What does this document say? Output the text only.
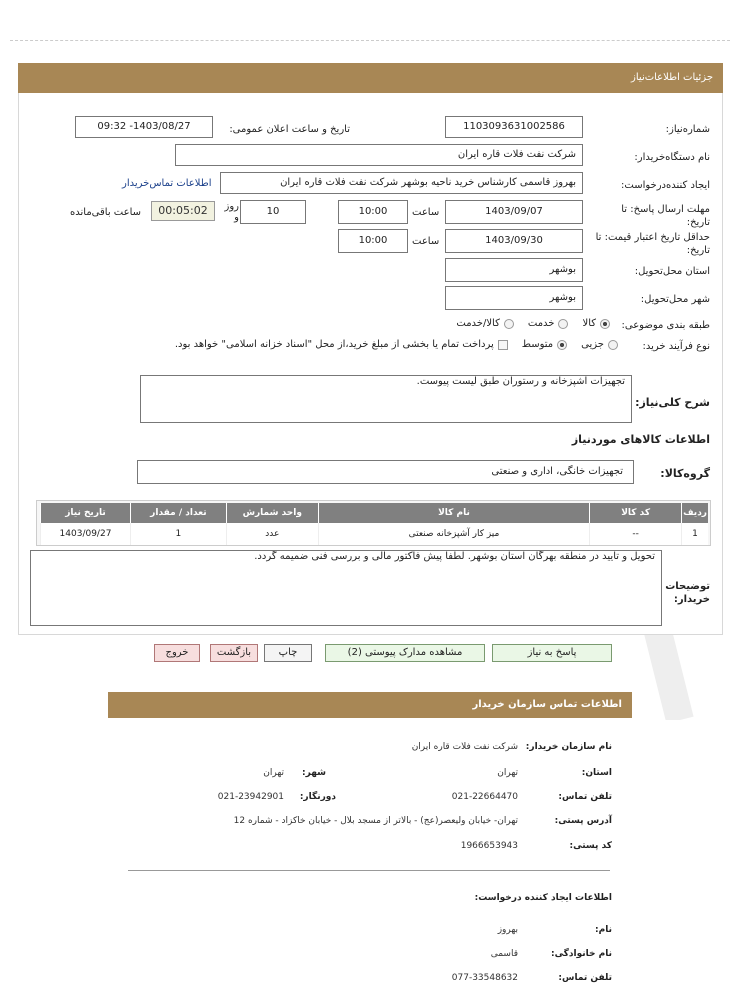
جزئیات اطلاعات‌نیاز
شماره‌نیاز:
1103093631002586
تاریخ و ساعت اعلان عمومی:
1403/08/27- 09:32
نام دستگاه‌خریدار:
شرکت نفت فلات قاره ایران
ایجاد کننده‌درخواست:
بهروز قاسمی کارشناس خرید ناحیه بوشهر شرکت نفت فلات قاره ایران
اطلاعات تماس‌خریدار
مهلت ارسال پاسخ: تا تاریخ:
1403/09/07
ساعت
10:00
10
روز و
00:05:02
ساعت باقی‌مانده
حداقل تاریخ اعتبار قیمت: تا تاریخ:
1403/09/30
ساعت
10:00
استان محل‌تحویل:
بوشهر
شهر محل‌تحویل:
بوشهر
طبقه بندی موضوعی:
کالا
خدمت
کالا/خدمت
نوع فرآیند خرید:
جزیی
متوسط
پرداخت تمام یا بخشی از مبلغ خرید،از محل "اسناد خزانه اسلامی" خواهد بود.
شرح کلی‌نیاز:
تجهیزات آشپزخانه و رستوران طبق لیست پیوست.
اطلاعات کالاهای موردنیاز
گروه‌کالا:
تجهیزات خانگی، اداری و صنعتی
ردیف	کد کالا	نام کالا	واحد شمارش	تعداد / مقدار	تاریخ نیاز
1	--	میز کار آشپزخانه صنعتی	عدد	1	1403/09/27
توضیحات خریدار:
تحویل و تایید در منطقه بهرگان استان بوشهر. لطفا پیش فاکتور مالی و بررسی فنی ضمیمه گردد.
پاسخ به نیاز
مشاهده مدارک پیوستی (2)
چاپ
بازگشت
خروج
اطلاعات تماس سازمان خریدار
نام سازمان خریدار:
شرکت نفت فلات قاره ایران
استان:
تهران
شهر:
تهران
تلفن تماس:
021-22664470
دورنگار:
021-23942901
آدرس پستی:
تهران- خیابان ولیعصر(عج) - بالاتر از مسجد بلال - خیابان خاکزاد - شماره 12
کد پستی:
1966653943
اطلاعات ایجاد کننده درخواست:
نام:
بهروز
نام خانوادگی:
قاسمی
تلفن تماس:
077-33548632
